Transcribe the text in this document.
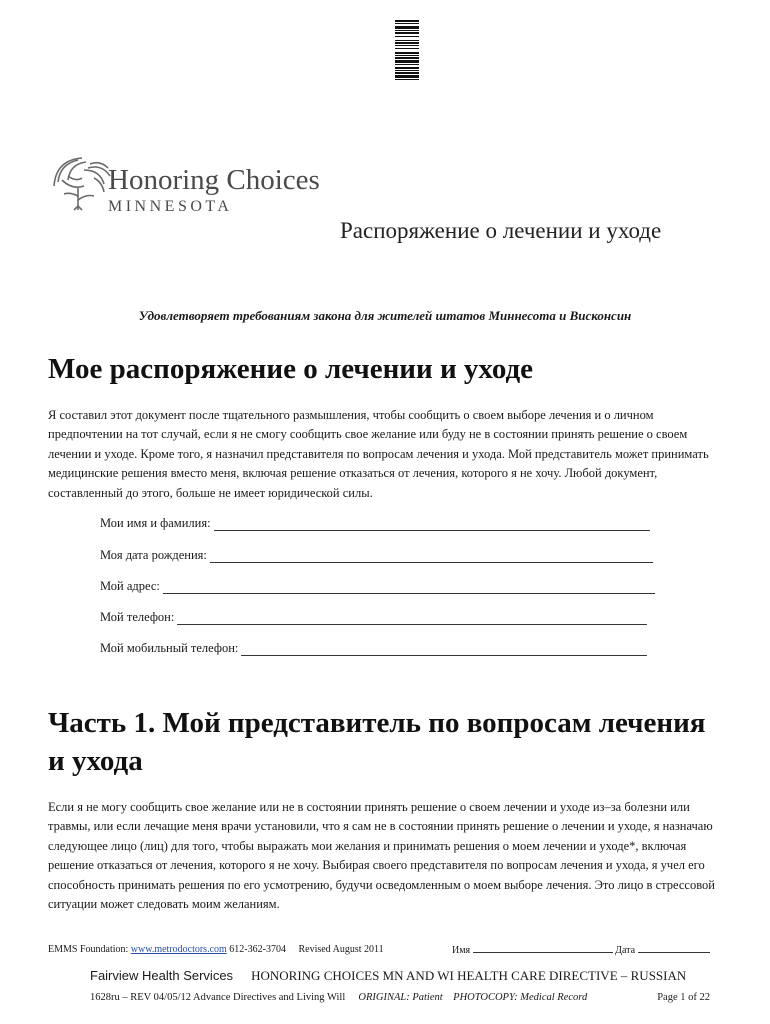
Honoring Choices
MINNESOTA
Распоряжение о лечении и уходе
Удовлетворяет требованиям закона для жителей штатов Миннесота и Висконсин
Мое распоряжение о лечении и уходе
Я составил этот документ после тщательного размышления, чтобы сообщить о своем выборе лечения и о личном предпочтении на тот случай, если я не смогу сообщить свое желание или буду не в состоянии принять решение о своем лечении и уходе. Кроме того, я назначил представителя по вопросам лечения и ухода. Мой представитель может принимать медицинские решения вместо меня, включая решение отказаться от лечения, которого я не хочу. Любой документ, составленный до этого, больше не имеет юридической силы.
Мои имя и фамилия:
Моя дата рождения:
Мой адрес:
Мой телефон:
Мой мобильный телефон:
Часть 1. Мой представитель по вопросам лечения
и ухода
Если я не могу сообщить свое желание или не в состоянии принять решение о своем лечении и уходе из–за болезни или травмы, или если лечащие меня врачи установили, что я сам не в состоянии принять решение о лечении и уходе, я назначаю следующее лицо (лиц) для того, чтобы выражать мои желания и принимать решения о моем лечении и уходе*, включая решение отказаться от лечения, которого я не хочу. Выбирая своего представителя по вопросам лечения и ухода, я учел его способность принимать решения по его усмотрению, будучи осведомленным о моем выборе лечения. Это лицо в стрессовой ситуации может следовать моим желаниям.
EMMS Foundation: www.metrodoctors.com 612-362-3704 Revised August 2011	Имя	Дата
Fairview Health Services HONORING CHOICES MN AND WI HEALTH CARE DIRECTIVE – RUSSIAN
1628ru – REV 04/05/12 Advance Directives and Living Will ORIGINAL: Patient PHOTOCOPY: Medical Record	Page 1 of 22
